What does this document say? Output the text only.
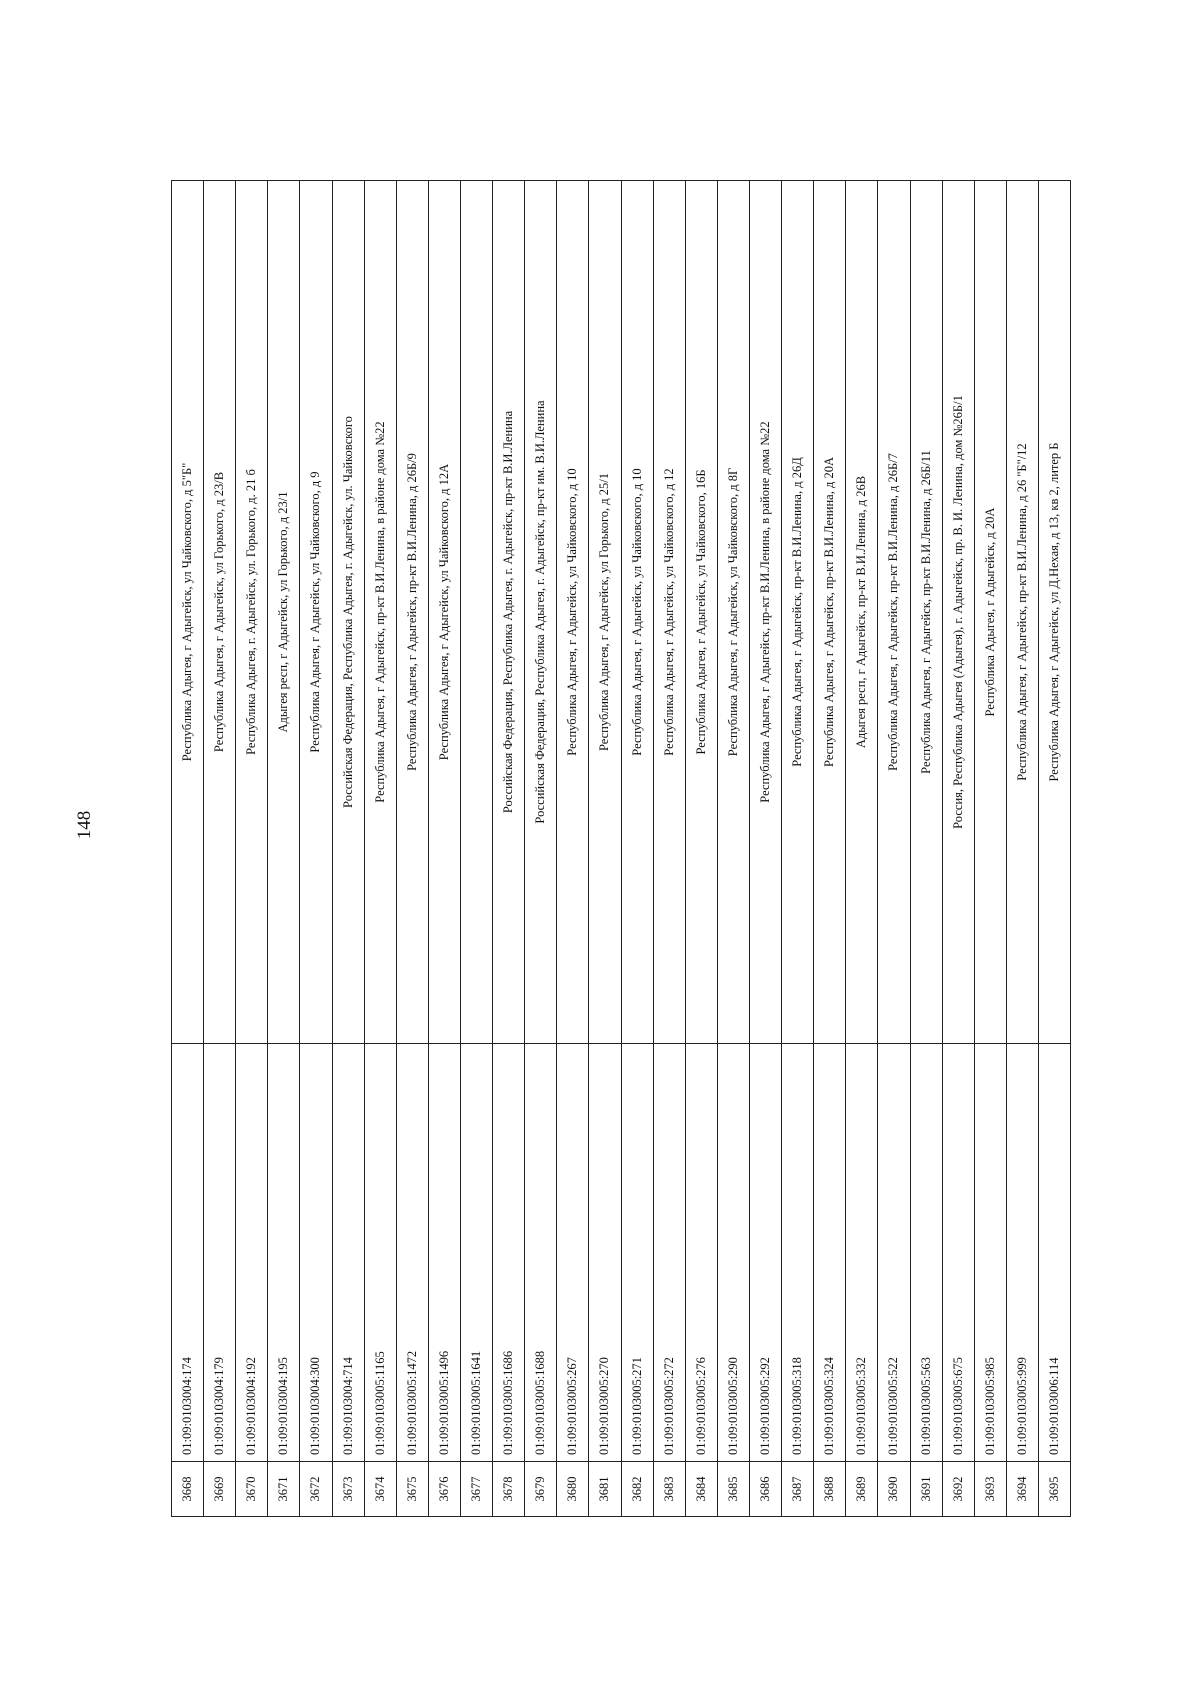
148
3668
01:09:0103004:174
Республика Адыгея, г Адыгейск, ул Чайковского, д 5"Б"
3669
01:09:0103004:179
Республика Адыгея, г Адыгейск, ул Горького, д 23/В
3670
01:09:0103004:192
Республика Адыгея, г. Адыгейск, ул. Горького, д. 21 б
3671
01:09:0103004:195
Адыгея респ, г Адыгейск, ул Горького, д 23/1
3672
01:09:0103004:300
Республика Адыгея, г Адыгейск, ул Чайковского, д 9
3673
01:09:0103004:714
Российская Федерация, Республика Адыгея, г. Адыгейск, ул. Чайковского
3674
01:09:0103005:1165
Республика Адыгея, г Адыгейск, пр-кт В.И.Ленина, в районе дома №22
3675
01:09:0103005:1472
Республика Адыгея, г Адыгейск, пр-кт В.И.Ленина, д 26Б/9
3676
01:09:0103005:1496
Республика Адыгея, г Адыгейск, ул Чайковского, д 12А
3677
01:09:0103005:1641
3678
01:09:0103005:1686
Российская Федерация, Республика Адыгея, г. Адыгейск, пр-кт В.И.Ленина
3679
01:09:0103005:1688
Российская Федерация, Республика Адыгея, г. Адыгейск, пр-кт им. В.И.Ленина
3680
01:09:0103005:267
Республика Адыгея, г Адыгейск, ул Чайковского, д 10
3681
01:09:0103005:270
Республика Адыгея, г Адыгейск, ул Горького, д 25/1
3682
01:09:0103005:271
Республика Адыгея, г Адыгейск, ул Чайковского, д 10
3683
01:09:0103005:272
Республика Адыгея, г Адыгейск, ул Чайковского, д 12
3684
01:09:0103005:276
Республика Адыгея, г Адыгейск, ул Чайковского, 16Б
3685
01:09:0103005:290
Республика Адыгея, г Адыгейск, ул Чайковского, д 8Г
3686
01:09:0103005:292
Республика Адыгея, г Адыгейск, пр-кт В.И.Ленина, в районе дома №22
3687
01:09:0103005:318
Республика Адыгея, г Адыгейск, пр-кт В.И.Ленина, д 26Д
3688
01:09:0103005:324
Республика Адыгея, г Адыгейск, пр-кт В.И.Ленина, д 20А
3689
01:09:0103005:332
Адыгея респ, г Адыгейск, пр-кт В.И.Ленина, д 26В
3690
01:09:0103005:522
Республика Адыгея, г Адыгейск, пр-кт В.И.Ленина, д 26Б/7
3691
01:09:0103005:563
Республика Адыгея, г Адыгейск, пр-кт В.И.Ленина, д 26Б/11
3692
01:09:0103005:675
Россия, Республика Адыгея (Адыгея), г. Адыгейск, пр. В. И. Ленина, дом №26Б/1
3693
01:09:0103005:985
Республика Адыгея, г Адыгейск, д 20А
3694
01:09:0103005:999
Республика Адыгея, г Адыгейск, пр-кт В.И.Ленина, д 26 "Б"/12
3695
01:09:0103006:114
Республика Адыгея, г Адыгейск, ул Д.Нехая, д 13, кв 2, литер Б
